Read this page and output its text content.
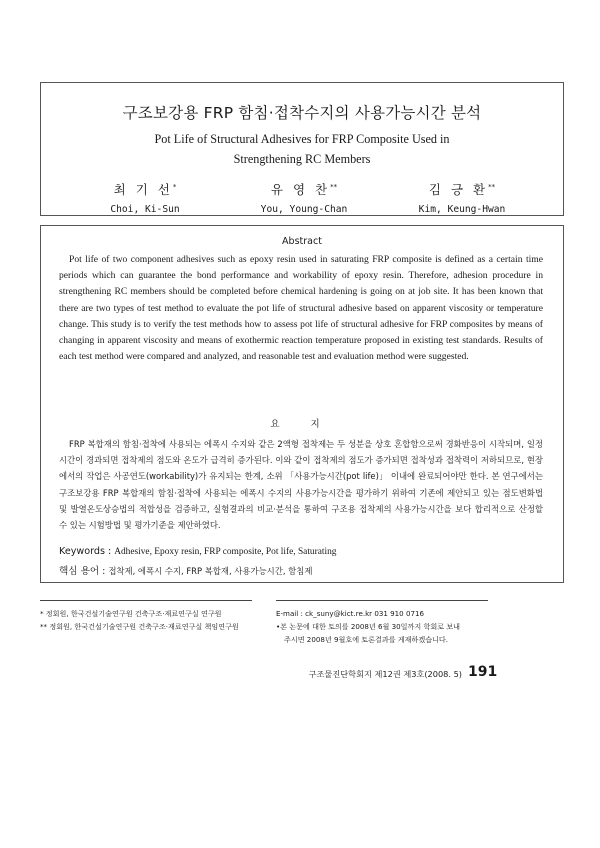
구조보강용 FRP 함침·접착수지의 사용가능시간 분석
Pot Life of Structural Adhesives for FRP Composite Used in
Strengthening RC Members
최 기 선*
Choi, Ki-Sun
유 영 찬**
You, Young-Chan
김 긍 환**
Kim, Keung-Hwan
Abstract

Pot life of two component adhesives such as epoxy resin used in saturating FRP composite is defined as a certain time periods which can guarantee the bond performance and workability of epoxy resin. Therefore, adhesion procedure in strengthening RC members should be completed before chemical hardening is going on at job site. It has been known that there are two types of test method to evaluate the pot life of structural adhesive based on apparent viscosity or temperature change. This study is to verify the test methods how to assess pot life of structural adhesive for FRP composites by means of changing in apparent viscosity and means of exothermic reaction temperature proposed in existing test standards. Results of each test method were compared and analyzed, and reasonable test and evaluation method were suggested.

요 지

FRP 복합재의 함침·접착에 사용되는 에폭시 수지와 같은 2액형 접착제는 두 성분을 상호 혼합함으로써 경화반응이 시작되며, 일정 시간이 경과되면 접착제의 점도와 온도가 급격히 증가된다. 이와 같이 접착제의 점도가 증가되면 접착성과 접착력이 저하되므로, 현장에서의 작업은 사공연도(workability)가 유지되는 한계, 소위 「사용가능시간(pot life)」 이내에 완료되어야만 한다. 본 연구에서는 구조보강용 FRP 복합재의 함침·접착에 사용되는 에폭시 수지의 사용가능시간을 평가하기 위하여 기존에 제안되고 있는 점도변화법 및 발열온도상승법의 적합성을 검증하고, 실험결과의 비교·분석을 통하여 구조용 접착제의 사용가능시간을 보다 합리적으로 산정할 수 있는 시험방법 및 평가기준을 제안하였다.

Keywords : Adhesive, Epoxy resin, FRP composite, Pot life, Saturating
핵심 용어 : 접착제, 에폭시 수지, FRP 복합재, 사용가능시간, 함침제
* 정회원, 한국건설기술연구원 건축구조·재료연구실 연구원
** 정회원, 한국건설기술연구원 건축구조·재료연구실 책임연구원
E-mail : ck_suny@kict.re.kr 031 910 0716
•본 논문에 대한 토의를 2008년 6월 30일까지 학회로 보내
주시면 2008년 9월호에 토론결과를 게재하겠습니다.
구조물진단학회지 제12권 제3호(2008. 5) 191
